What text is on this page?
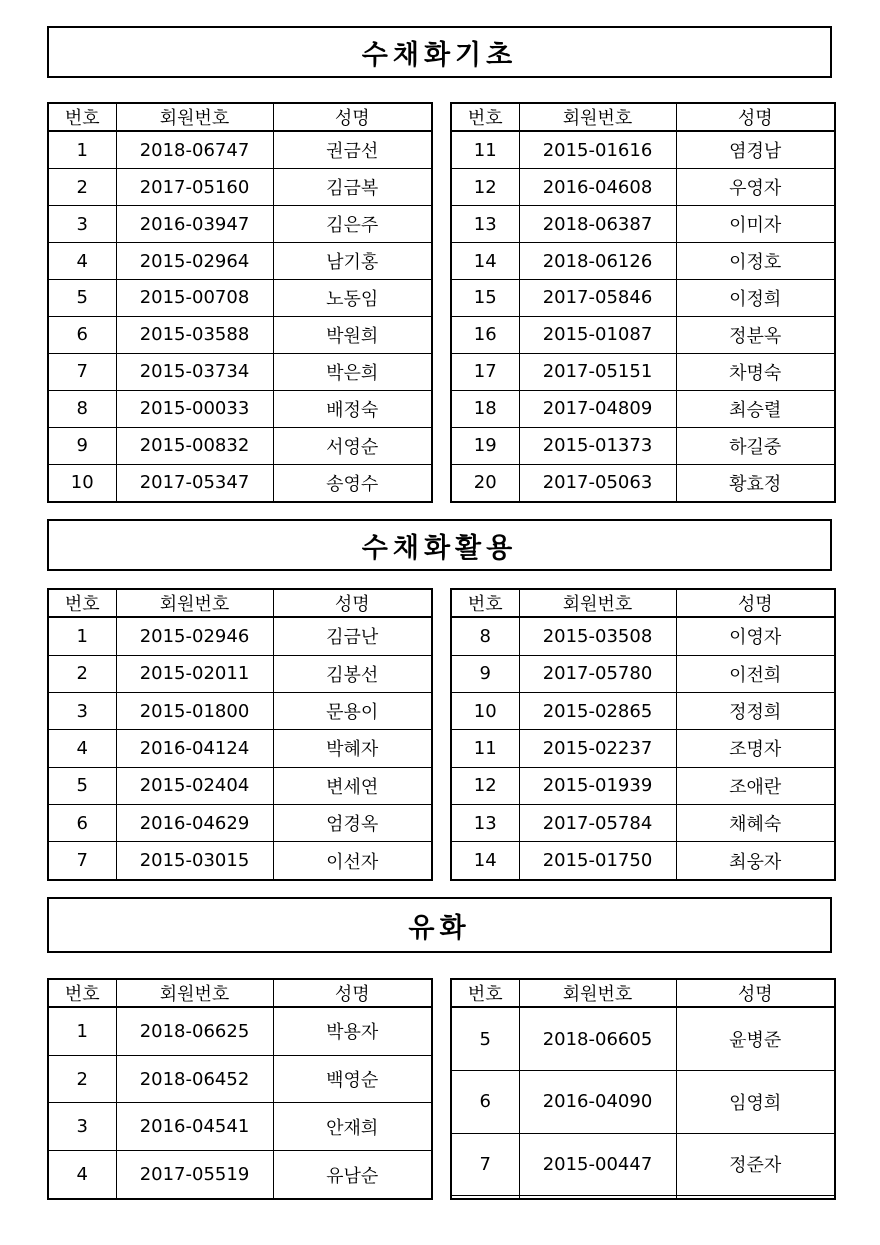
수채화기초
번호	회원번호	성명
1	2018-06747	권금선
2	2017-05160	김금복
3	2016-03947	김은주
4	2015-02964	남기홍
5	2015-00708	노동임
6	2015-03588	박원희
7	2015-03734	박은희
8	2015-00033	배정숙
9	2015-00832	서영순
10	2017-05347	송영수
번호	회원번호	성명
11	2015-01616	염경남
12	2016-04608	우영자
13	2018-06387	이미자
14	2018-06126	이정호
15	2017-05846	이정희
16	2015-01087	정분옥
17	2017-05151	차명숙
18	2017-04809	최승렬
19	2015-01373	하길중
20	2017-05063	황효정
수채화활용
번호	회원번호	성명
1	2015-02946	김금난
2	2015-02011	김봉선
3	2015-01800	문용이
4	2016-04124	박혜자
5	2015-02404	변세연
6	2016-04629	엄경옥
7	2015-03015	이선자
번호	회원번호	성명
8	2015-03508	이영자
9	2017-05780	이전희
10	2015-02865	정정희
11	2015-02237	조명자
12	2015-01939	조애란
13	2017-05784	채혜숙
14	2015-01750	최웅자
유화
번호	회원번호	성명
1	2018-06625	박용자
2	2018-06452	백영순
3	2016-04541	안재희
4	2017-05519	유남순
번호	회원번호	성명
5	2018-06605	윤병준
6	2016-04090	임영희
7	2015-00447	정준자
